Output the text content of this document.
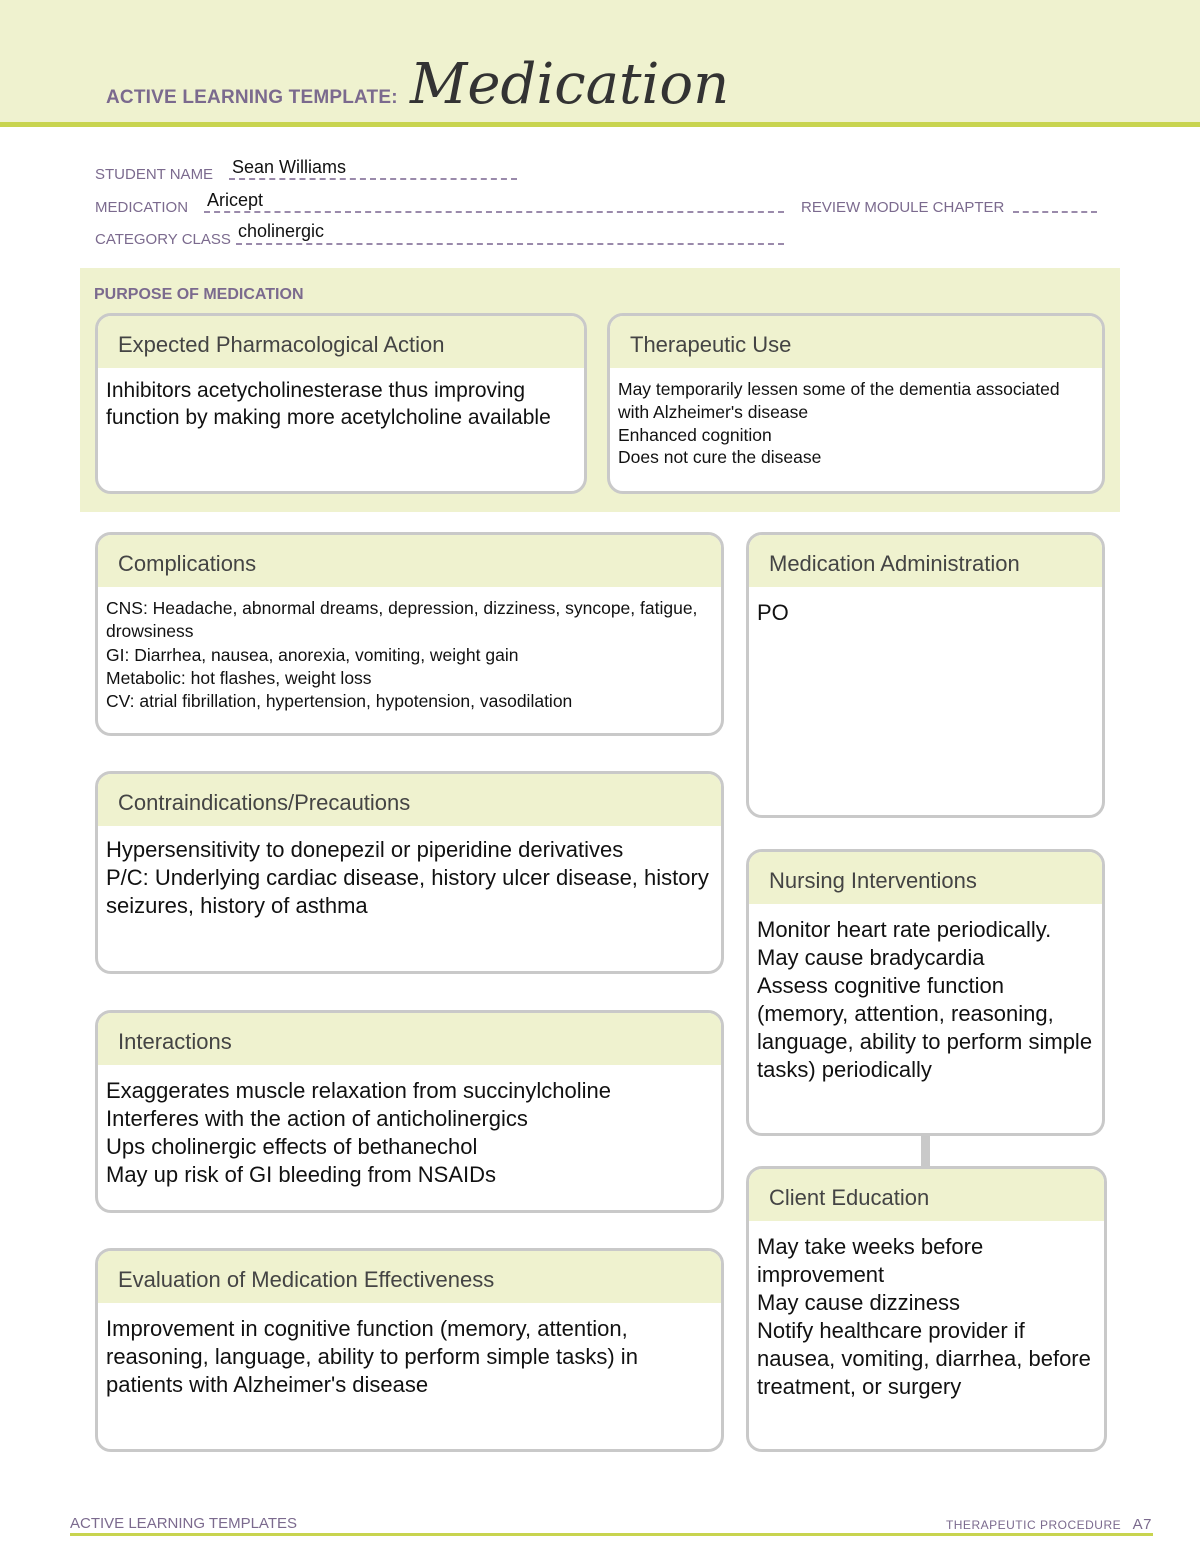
ACTIVE LEARNING TEMPLATE: Medication
STUDENT NAME Sean Williams
MEDICATION Aricept	REVIEW MODULE CHAPTER
CATEGORY CLASS cholinergic
PURPOSE OF MEDICATION
Expected Pharmacological Action
Inhibitors acetycholinesterase thus improving function by making more acetylcholine available
Therapeutic Use
May temporarily lessen some of the dementia associated with Alzheimer's disease
Enhanced cognition
Does not cure the disease
Complications
CNS: Headache, abnormal dreams, depression, dizziness, syncope, fatigue, drowsiness
GI: Diarrhea, nausea, anorexia, vomiting, weight gain
Metabolic: hot flashes, weight loss
CV: atrial fibrillation, hypertension, hypotension, vasodilation
Medication Administration
PO
Contraindications/Precautions
Hypersensitivity to donepezil or piperidine derivatives
P/C: Underlying cardiac disease, history ulcer disease, history seizures, history of asthma
Nursing Interventions
Monitor heart rate periodically.
May cause bradycardia
Assess cognitive function (memory, attention, reasoning, language, ability to perform simple tasks) periodically
Interactions
Exaggerates muscle relaxation from succinylcholine
Interferes with the action of anticholinergics
Ups cholinergic effects of bethanechol
May up risk of GI bleeding from NSAIDs
Client Education
May take weeks before improvement
May cause dizziness
Notify healthcare provider if nausea, vomiting, diarrhea, before treatment, or surgery
Evaluation of Medication Effectiveness
Improvement in cognitive function (memory, attention, reasoning, language, ability to perform simple tasks) in patients with Alzheimer's disease
ACTIVE LEARNING TEMPLATES	THERAPEUTIC PROCEDURE A7
